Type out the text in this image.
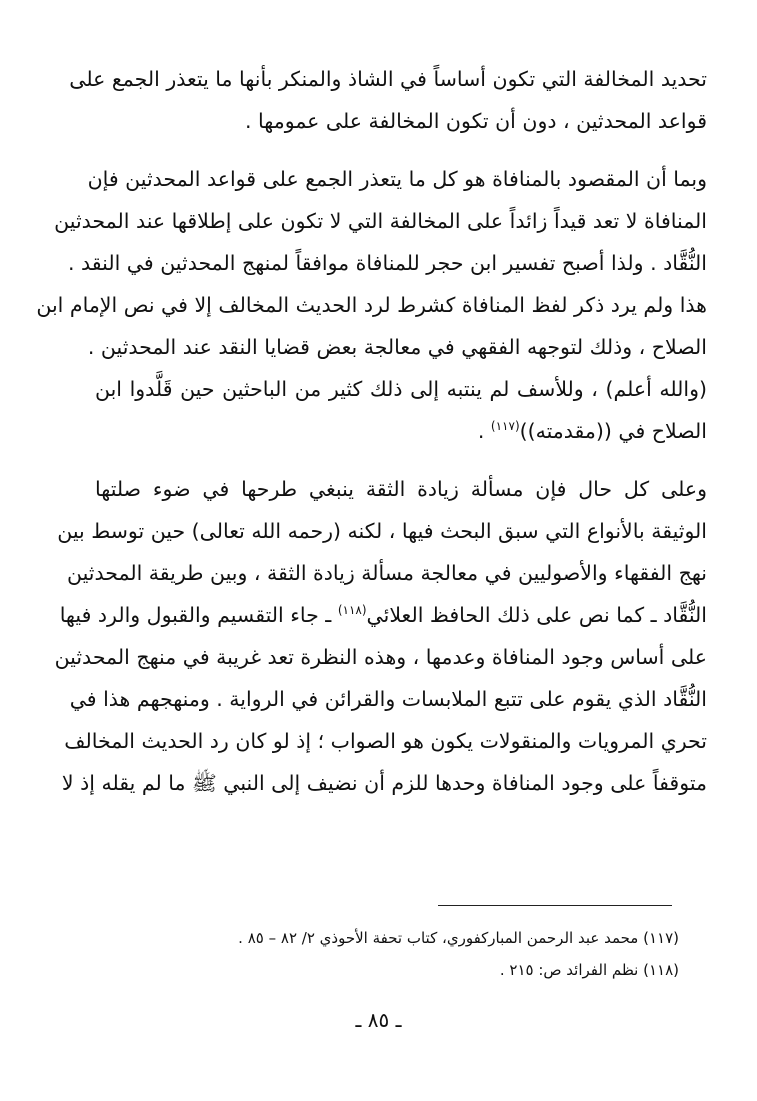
تحديد المخالفة التي تكون أساساً في الشاذ والمنكر بأنها ما يتعذر الجمع على
قواعد المحدثين ، دون أن تكون المخالفة على عمومها .
وبما أن المقصود بالمنافاة هو كل ما يتعذر الجمع على قواعد المحدثين فإن
المنافاة لا تعد قيداً زائداً على المخالفة التي لا تكون على إطلاقها عند المحدثين
النُّقَّاد . ولذا أصبح تفسير ابن حجر للمنافاة موافقاً لمنهج المحدثين في النقد .
هذا ولم يرد ذكر لفظ المنافاة كشرط لرد الحديث المخالف إلا في نص الإمام ابن
الصلاح ، وذلك لتوجهه الفقهي في معالجة بعض قضايا النقد عند المحدثين .
(والله أعلم) ، وللأسف لم ينتبه إلى ذلك كثير من الباحثين حين قَلَّدوا ابن
الصلاح في ((مقدمته))$^{(١١٧)}$ .
وعلى كل حال فإن مسألة زيادة الثقة ينبغي طرحها في ضوء صلتها
الوثيقة بالأنواع التي سبق البحث فيها ، لكنه (رحمه الله تعالى) حين توسط بين
نهج الفقهاء والأصوليين في معالجة مسألة زيادة الثقة ، وبين طريقة المحدثين
النُّقَّاد ـ كما نص على ذلك الحافظ العلائي$^{(١١٨)}$ ـ جاء التقسيم والقبول والرد فيها
على أساس وجود المنافاة وعدمها ، وهذه النظرة تعد غريبة في منهج المحدثين
النُّقَّاد الذي يقوم على تتبع الملابسات والقرائن في الرواية . ومنهجهم هذا في
تحري المرويات والمنقولات يكون هو الصواب ؛ إذ لو كان رد الحديث المخالف
متوقفاً على وجود المنافاة وحدها للزم أن نضيف إلى النبي ﷺ ما لم يقله إذ لا
(١١٧) محمد عبد الرحمن المباركفوري، كتاب تحفة الأحوذي ٢/ ٨٢ – ٨٥ .
(١١٨) نظم الفرائد ص: ٢١٥ .
ـ ٨٥ ـ
